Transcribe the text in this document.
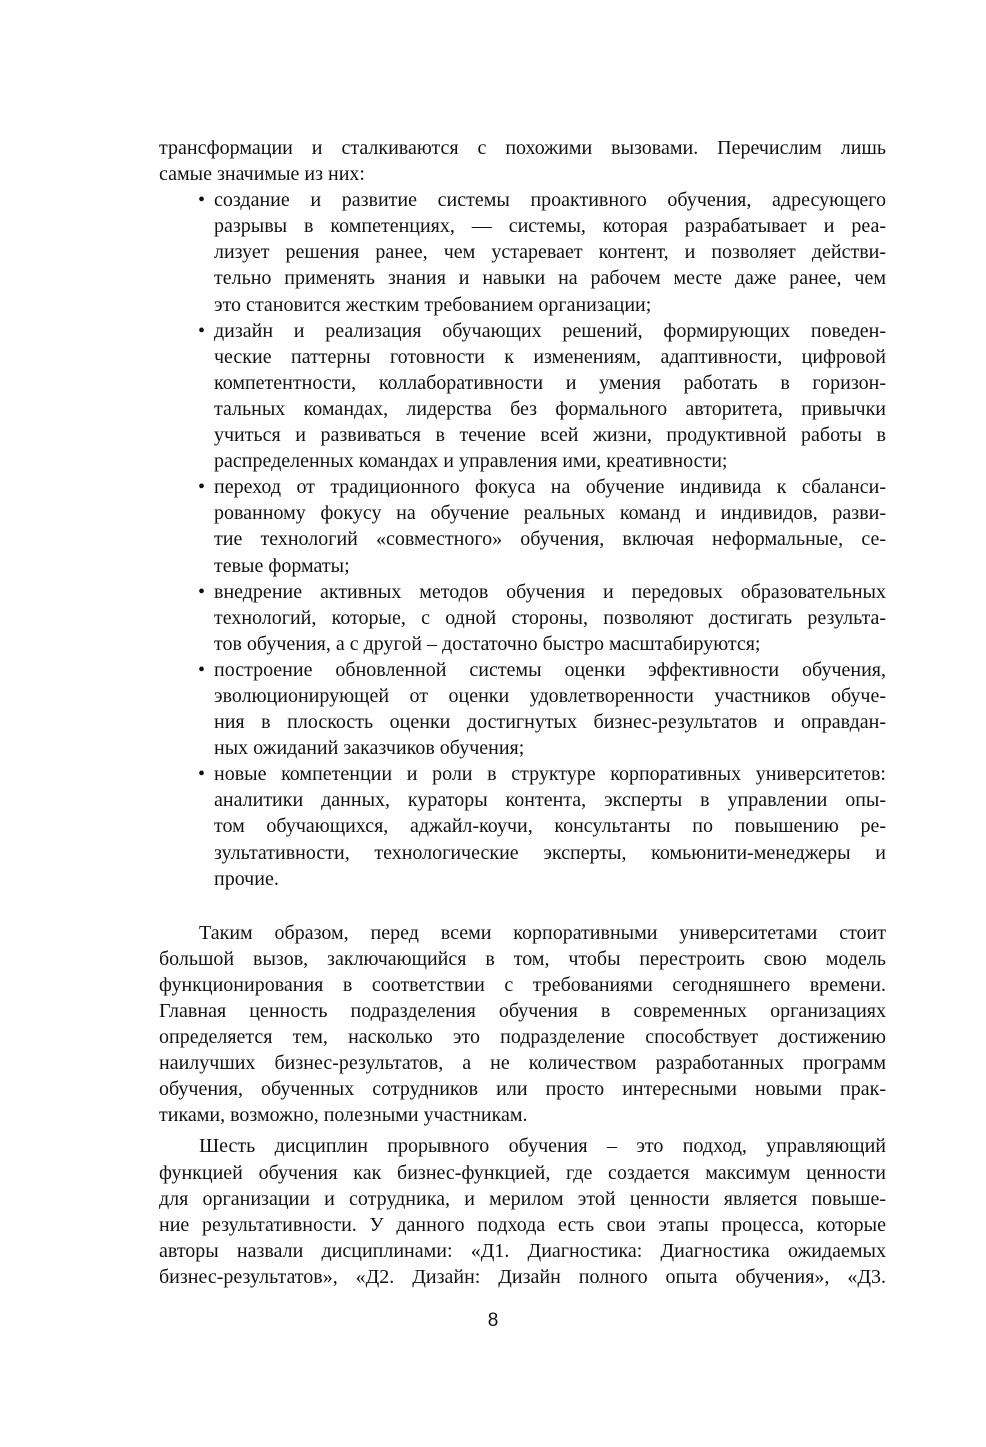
трансформации и сталкиваются с похожими вызовами. Перечислим лишь
самые значимые из них:
• создание и развитие системы проактивного обучения, адресующего
разрывы в компетенциях, — системы, которая разрабатывает и реа-
лизует решения ранее, чем устаревает контент, и позволяет действи-
тельно применять знания и навыки на рабочем месте даже ранее, чем
это становится жестким требованием организации;
• дизайн и реализация обучающих решений, формирующих поведен-
ческие паттерны готовности к изменениям, адаптивности, цифровой
компетентности, коллаборативности и умения работать в горизон-
тальных командах, лидерства без формального авторитета, привычки
учиться и развиваться в течение всей жизни, продуктивной работы в
распределенных командах и управления ими, креативности;
• переход от традиционного фокуса на обучение индивида к сбаланси-
рованному фокусу на обучение реальных команд и индивидов, разви-
тие технологий «совместного» обучения, включая неформальные, се-
тевые форматы;
• внедрение активных методов обучения и передовых образовательных
технологий, которые, с одной стороны, позволяют достигать результа-
тов обучения, а с другой – достаточно быстро масштабируются;
• построение обновленной системы оценки эффективности обучения,
эволюционирующей от оценки удовлетворенности участников обуче-
ния в плоскость оценки достигнутых бизнес-результатов и оправдан-
ных ожиданий заказчиков обучения;
• новые компетенции и роли в структуре корпоративных университетов:
аналитики данных, кураторы контента, эксперты в управлении опы-
том обучающихся, аджайл-коучи, консультанты по повышению ре-
зультативности, технологические эксперты, комьюнити-менеджеры и
прочие.
Таким образом, перед всеми корпоративными университетами стоит
большой вызов, заключающийся в том, чтобы перестроить свою модель
функционирования в соответствии с требованиями сегодняшнего времени.
Главная ценность подразделения обучения в современных организациях
определяется тем, насколько это подразделение способствует достижению
наилучших бизнес-результатов, а не количеством разработанных программ
обучения, обученных сотрудников или просто интересными новыми прак-
тиками, возможно, полезными участникам.
Шесть дисциплин прорывного обучения – это подход, управляющий
функцией обучения как бизнес-функцией, где создается максимум ценности
для организации и сотрудника, и мерилом этой ценности является повыше-
ние результативности. У данного подхода есть свои этапы процесса, которые
авторы назвали дисциплинами: «Д1. Диагностика: Диагностика ожидаемых
бизнес-результатов», «Д2. Дизайн: Дизайн полного опыта обучения», «Д3.
8
